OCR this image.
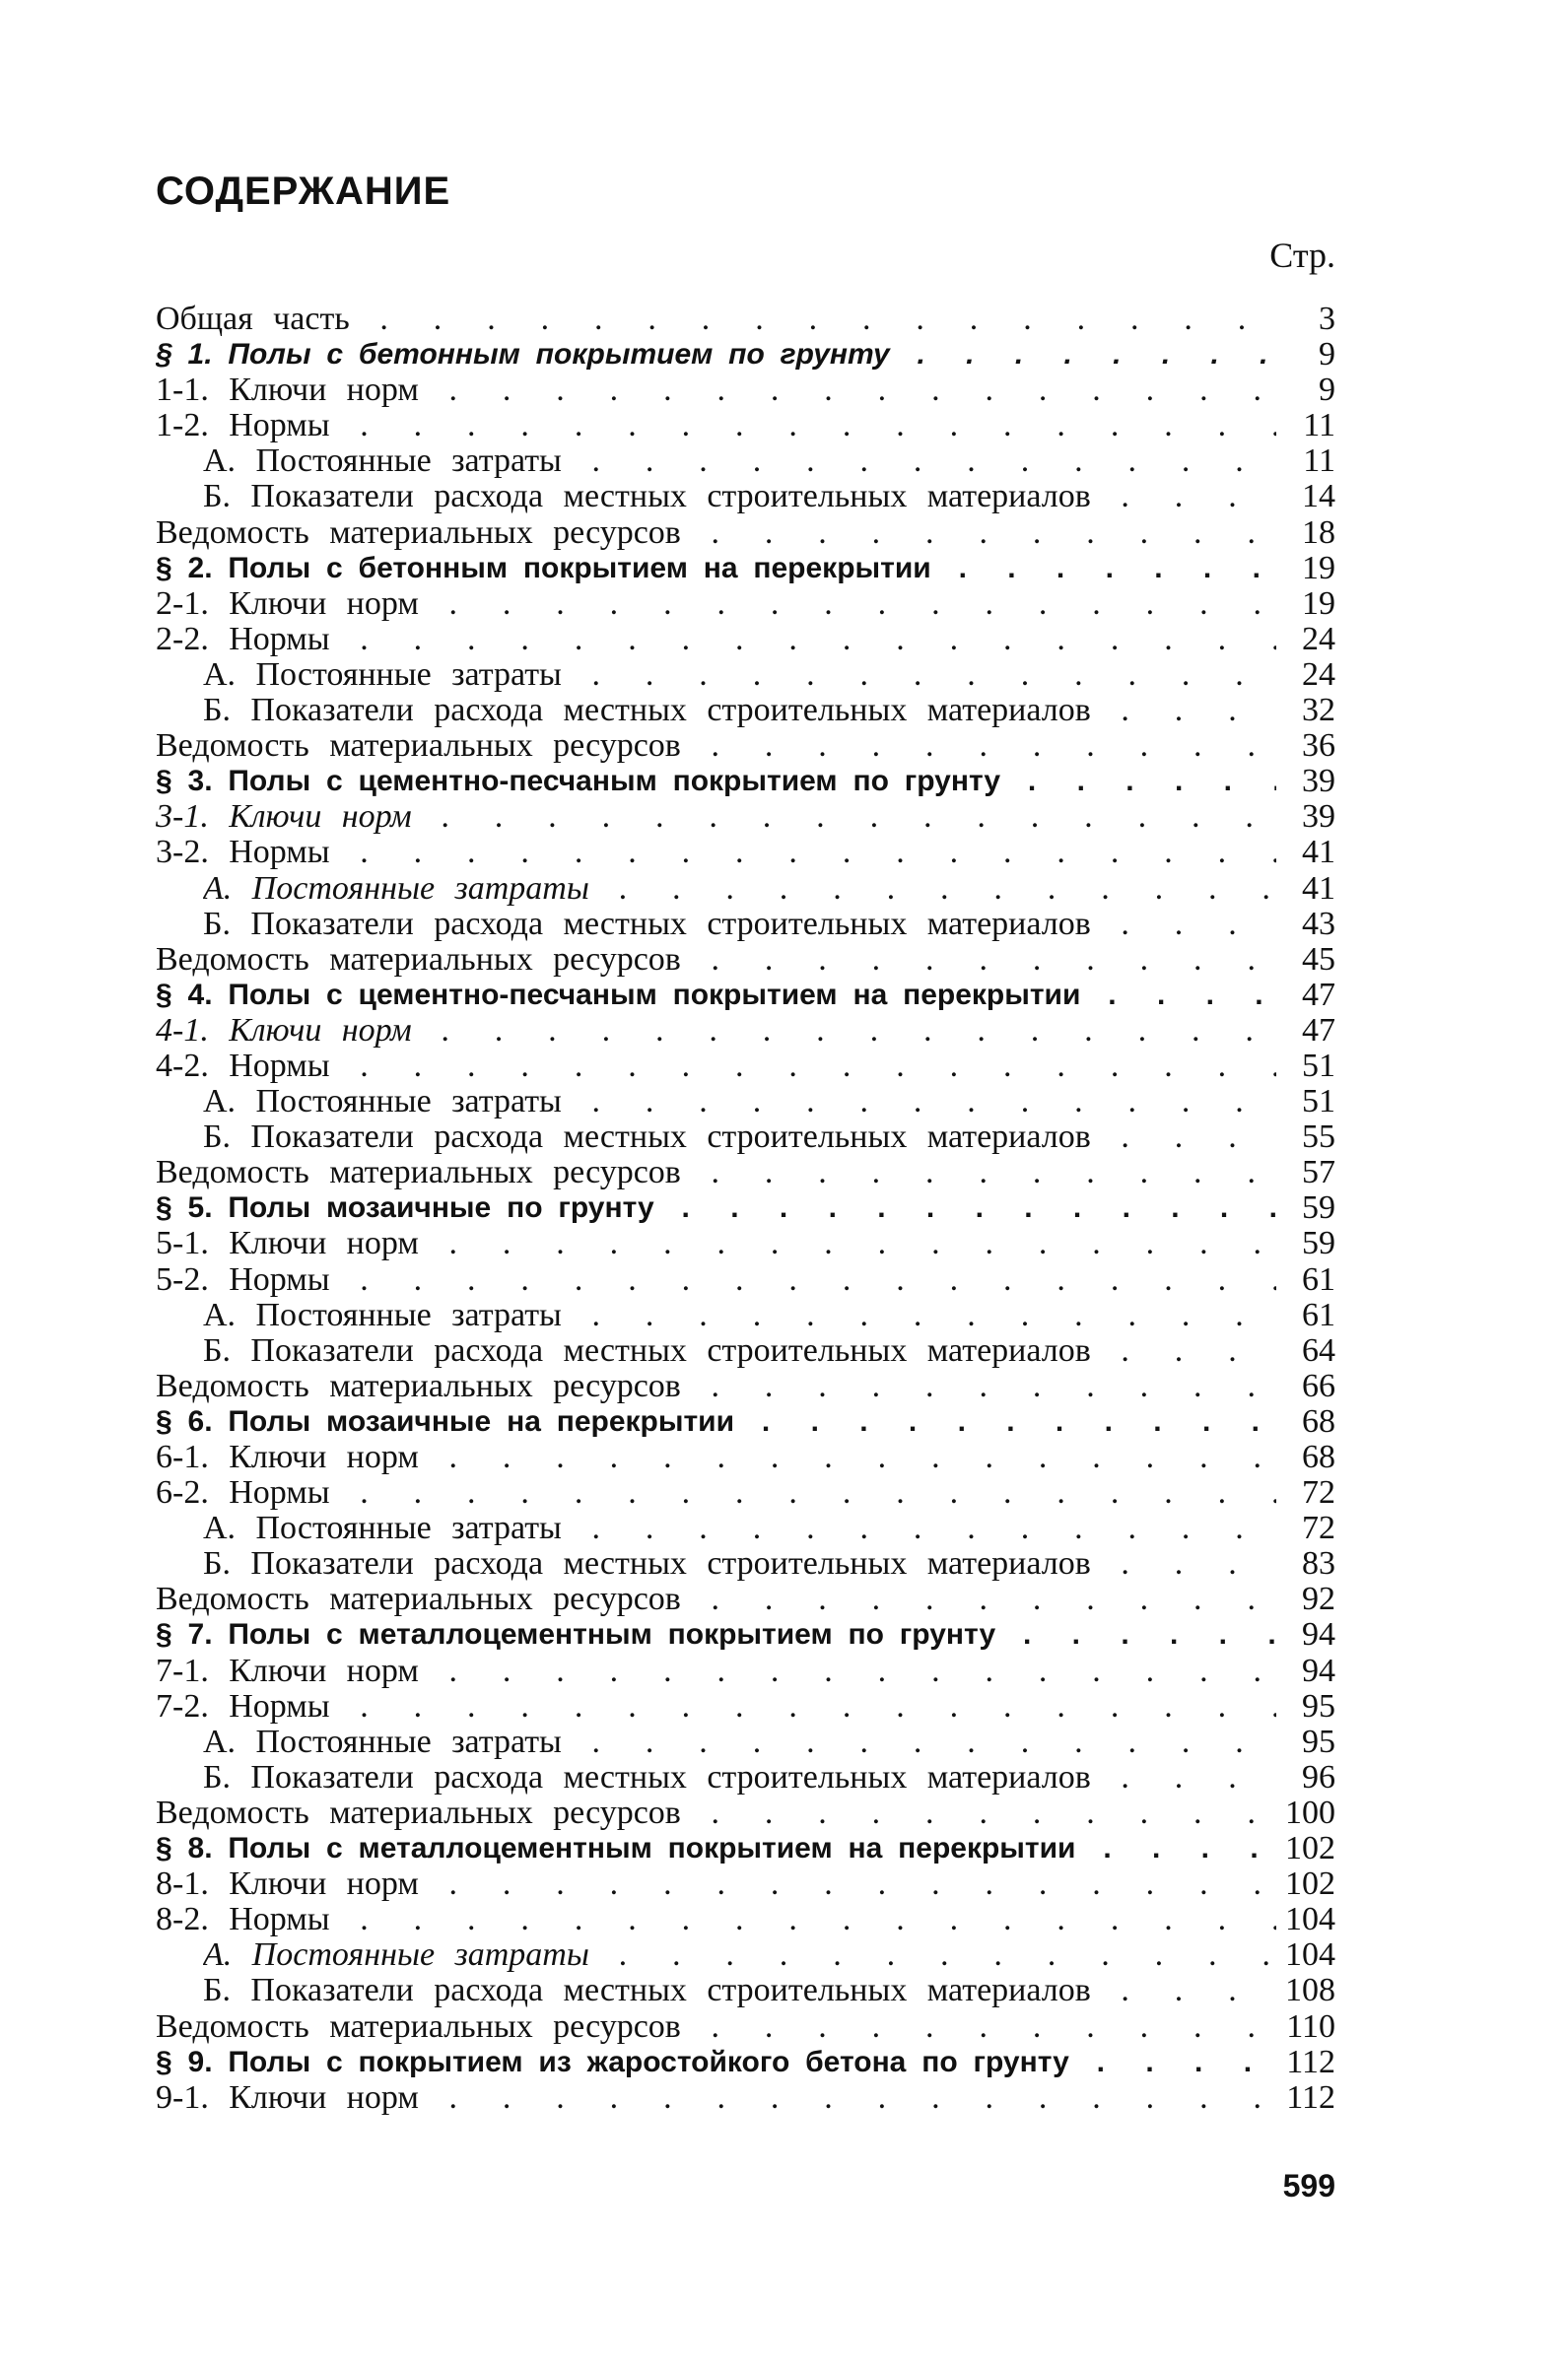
СОДЕРЖАНИЕ
Стр.
Общая часть . . .	3
§ 1. Полы с бетонным покрытием по грунту . . .	9
1-1. Ключи норм . . .	9
1-2. Нормы . . .	11
А. Постоянные затраты . . .	11
Б. Показатели расхода местных строительных материалов . . .	14
Ведомость материальных ресурсов . . .	18
§ 2. Полы с бетонным покрытием на перекрытии . . .	19
2-1. Ключи норм . . .	19
2-2. Нормы . . .	24
А. Постоянные затраты . . .	24
Б. Показатели расхода местных строительных материалов . . .	32
Ведомость материальных ресурсов . . .	36
§ 3. Полы с цементно-песчаным покрытием по грунту . . .	39
3-1. Ключи норм . . .	39
3-2. Нормы . . .	41
А. Постоянные затраты . . .	41
Б. Показатели расхода местных строительных материалов . . .	43
Ведомость материальных ресурсов . . .	45
§ 4. Полы с цементно-песчаным покрытием на перекрытии . . .	47
4-1. Ключи норм . . .	47
4-2. Нормы . . .	51
А. Постоянные затраты . . .	51
Б. Показатели расхода местных строительных материалов . . .	55
Ведомость материальных ресурсов . . .	57
§ 5. Полы мозаичные по грунту . . .	59
5-1. Ключи норм . . .	59
5-2. Нормы . . .	61
А. Постоянные затраты . . .	61
Б. Показатели расхода местных строительных материалов . . .	64
Ведомость материальных ресурсов . . .	66
§ 6. Полы мозаичные на перекрытии . . .	68
6-1. Ключи норм . . .	68
6-2. Нормы . . .	72
А. Постоянные затраты . . .	72
Б. Показатели расхода местных строительных материалов . . .	83
Ведомость материальных ресурсов . . .	92
§ 7. Полы с металлоцементным покрытием по грунту . . .	94
7-1. Ключи норм . . .	94
7-2. Нормы . . .	95
А. Постоянные затраты . . .	95
Б. Показатели расхода местных строительных материалов . . .	96
Ведомость материальных ресурсов . . .	100
§ 8. Полы с металлоцементным покрытием на перекрытии . . .	102
8-1. Ключи норм . . .	102
8-2. Нормы . . .	104
А. Постоянные затраты . . .	104
Б. Показатели расхода местных строительных материалов . . .	108
Ведомость материальных ресурсов . . .	110
§ 9. Полы с покрытием из жаростойкого бетона по грунту . . .	112
9-1. Ключи норм . . .	112
599
